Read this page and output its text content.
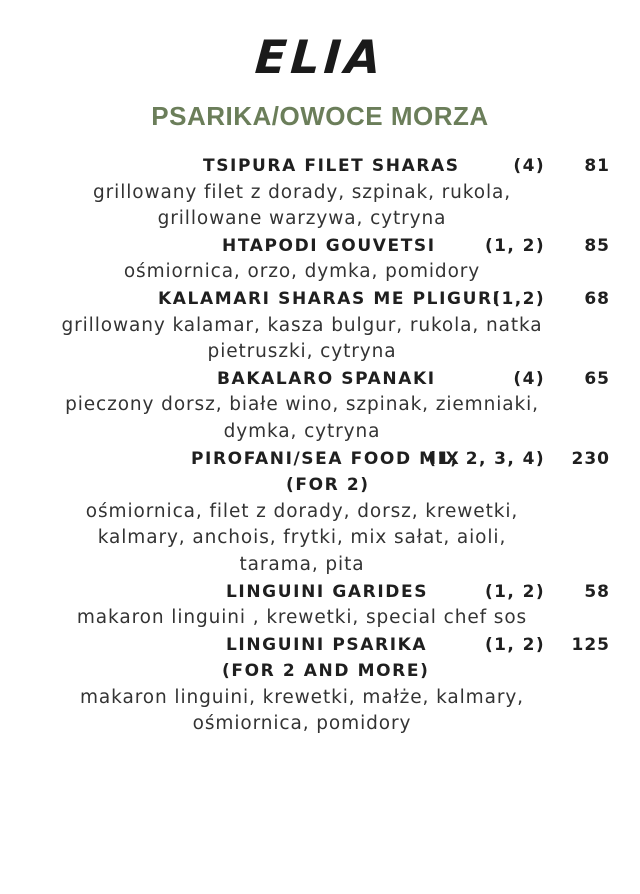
ELIA
PSARIKA/OWOCE MORZA
TSIPURA FILET SHARAS	(4) 81
grillowany filet z dorady, szpinak, rukola,
grillowane warzywa, cytryna
HTAPODI GOUVETSI	(1, 2) 85
ośmiornica, orzo, dymka, pomidory
KALAMARI SHARAS ME PLIGURI
(1,2) 68
grillowany kalamar, kasza bulgur, rukola, natka
pietruszki, cytryna
BAKALARO SPANAKI	(4) 65
pieczony dorsz, białe wino, szpinak, ziemniaki,
dymka, cytryna
PIROFANI/SEA FOOD MIX
(1, 2, 3, 4) 230
(FOR 2)
ośmiornica, filet z dorady, dorsz, krewetki,
kalmary, anchois, frytki, mix sałat, aioli,
tarama, pita
LINGUINI GARIDES	(1, 2) 58
makaron linguini , krewetki, special chef sos
LINGUINI PSARIKA	(1, 2) 125
(FOR 2 AND MORE)
makaron linguini, krewetki, małże, kalmary,
ośmiornica, pomidory
